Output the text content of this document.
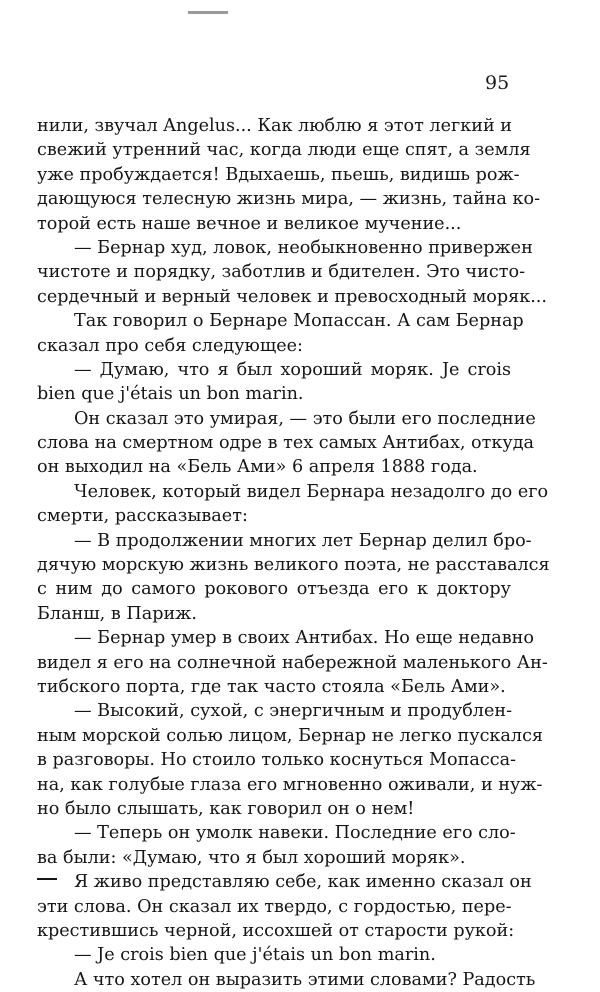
95
нили, звучал Angelus... Как люблю я этот легкий и
свежий утренний час, когда люди еще спят, а земля
уже пробуждается! Вдыхаешь, пьешь, видишь рож-
дающуюся телесную жизнь мира, — жизнь, тайна ко-
торой есть наше вечное и великое мучение...
— Бернар худ, ловок, необыкновенно привержен
чистоте и порядку, заботлив и бдителен. Это чисто-
сердечный и верный человек и превосходный моряк...
Так говорил о Бернаре Мопассан. А сам Бернар
сказал про себя следующее:
— Думаю, что я был хороший моряк. Je crois
bien que j'étais un bon marin.
Он сказал это умирая, — это были его последние
слова на смертном одре в тех самых Антибах, откуда
он выходил на «Бель Ами» 6 апреля 1888 года.
Человек, который видел Бернара незадолго до его
смерти, рассказывает:
— В продолжении многих лет Бернар делил бро-
дячую морскую жизнь великого поэта, не расставался
с ним до самого рокового отъезда его к доктору
Бланш, в Париж.
— Бернар умер в своих Антибах. Но еще недавно
видел я его на солнечной набережной маленького Ан-
тибского порта, где так часто стояла «Бель Ами».
— Высокий, сухой, с энергичным и продублен-
ным морской солью лицом, Бернар не легко пускался
в разговоры. Но стоило только коснуться Мопасса-
на, как голубые глаза его мгновенно оживали, и нуж-
но было слышать, как говорил он о нем!
— Теперь он умолк навеки. Последние его сло-
ва были: «Думаю, что я был хороший моряк».
Я живо представляю себе, как именно сказал он
эти слова. Он сказал их твердо, с гордостью, пере-
крестившись черной, иссохшей от старости рукой:
— Je crois bien que j'étais un bon marin.
А что хотел он выразить этими словами? Радость
